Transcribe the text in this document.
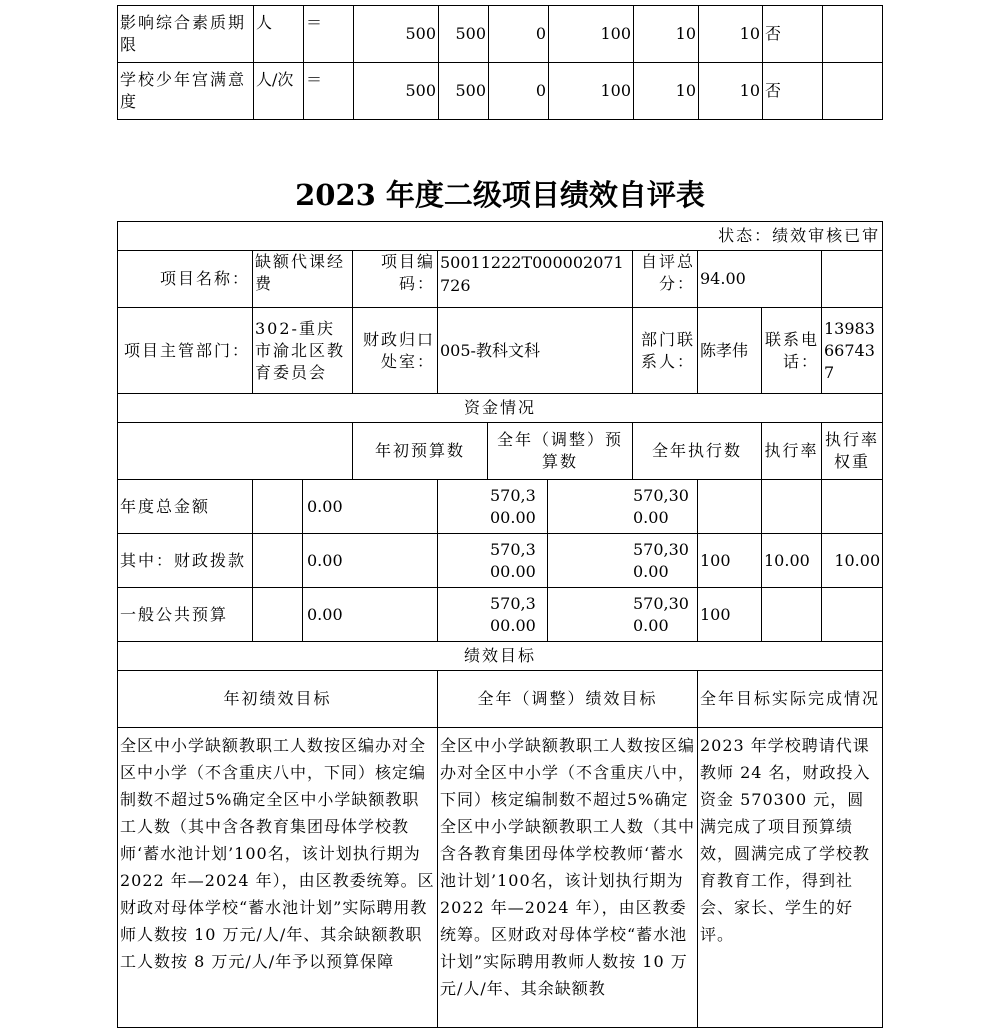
影响综合素质期限	人	＝	500	500	0	100	10	10	否	
学校少年宫满意度	人/次	＝	500	500	0	100	10	10	否	
2023 年度二级项目绩效自评表
状态：绩效审核已审										
项目名称：	缺额代课经费		项目编码：	50011222T000002071726			自评总分：	94.00		
项目主管部门：	302-重庆市渝北区教育委员会		财政归口处室：	005-教科文科			部门联系人：	陈孝伟	联系电话：	13983667437
资金情况										
			年初预算数		全年（调整）预算数		全年执行数		执行率	执行率权重
年度总金额		0.00		570,300.00		570,300.00				
其中：财政拨款		0.00		570,300.00		570,300.00		100	10.00	10.00
一般公共预算		0.00		570,300.00		570,300.00		100		
绩效目标										
年初绩效目标				全年（调整）绩效目标				全年目标实际完成情况		
全区中小学缺额教职工人数按区编办对全区中小学（不含重庆八中，下同）核定编制数不超过5%确定全区中小学缺额教职工人数（其中含各教育集团母体学校教师‘蓄水池计划’100名，该计划执行期为 2022 年—2024 年），由区教委统筹。区财政对母体学校“蓄水池计划”实际聘用教师人数按 10 万元/人/年、其余缺额教职工人数按 8 万元/人/年予以预算保障				全区中小学缺额教职工人数按区编办对全区中小学（不含重庆八中，下同）核定编制数不超过5%确定全区中小学缺额教职工人数（其中含各教育集团母体学校教师‘蓄水池计划’100名，该计划执行期为 2022 年—2024 年），由区教委统筹。区财政对母体学校“蓄水池计划”实际聘用教师人数按 10 万元/人/年、其余缺额教				2023 年学校聘请代课教师 24 名，财政投入资金 570300 元，圆满完成了项目预算绩效，圆满完成了学校教育教育工作，得到社会、家长、学生的好评。		
